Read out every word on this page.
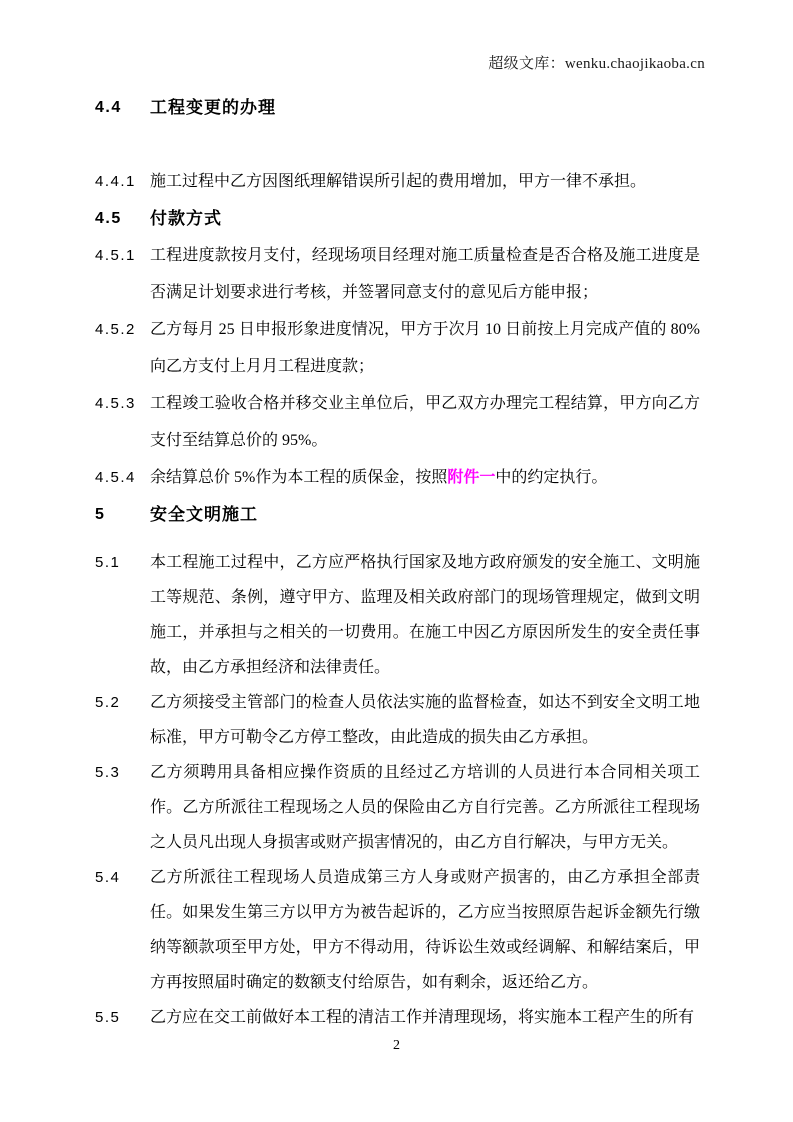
超级文库：wenku.chaojikaoba.cn
4.4	工程变更的办理
4.4.1 施工过程中乙方因图纸理解错误所引起的费用增加，甲方一律不承担。
4.5	付款方式
4.5.1 工程进度款按月支付，经现场项目经理对施工质量检查是否合格及施工进度是否满足计划要求进行考核，并签署同意支付的意见后方能申报；
4.5.2 乙方每月 25 日申报形象进度情况，甲方于次月 10 日前按上月完成产值的 80%向乙方支付上月月工程进度款；
4.5.3 工程竣工验收合格并移交业主单位后，甲乙双方办理完工程结算，甲方向乙方支付至结算总价的 95%。
4.5.4 余结算总价 5%作为本工程的质保金，按照附件一中的约定执行。
5	安全文明施工
5.1	本工程施工过程中，乙方应严格执行国家及地方政府颁发的安全施工、文明施工等规范、条例，遵守甲方、监理及相关政府部门的现场管理规定，做到文明施工，并承担与之相关的一切费用。在施工中因乙方原因所发生的安全责任事故，由乙方承担经济和法律责任。
5.2	乙方须接受主管部门的检查人员依法实施的监督检查，如达不到安全文明工地标准，甲方可勒令乙方停工整改，由此造成的损失由乙方承担。
5.3	乙方须聘用具备相应操作资质的且经过乙方培训的人员进行本合同相关项工作。乙方所派往工程现场之人员的保险由乙方自行完善。乙方所派往工程现场之人员凡出现人身损害或财产损害情况的，由乙方自行解决，与甲方无关。
5.4	乙方所派往工程现场人员造成第三方人身或财产损害的，由乙方承担全部责任。如果发生第三方以甲方为被告起诉的，乙方应当按照原告起诉金额先行缴纳等额款项至甲方处，甲方不得动用，待诉讼生效或经调解、和解结案后，甲方再按照届时确定的数额支付给原告，如有剩余，返还给乙方。
5.5	乙方应在交工前做好本工程的清洁工作并清理现场，将实施本工程产生的所有
2
